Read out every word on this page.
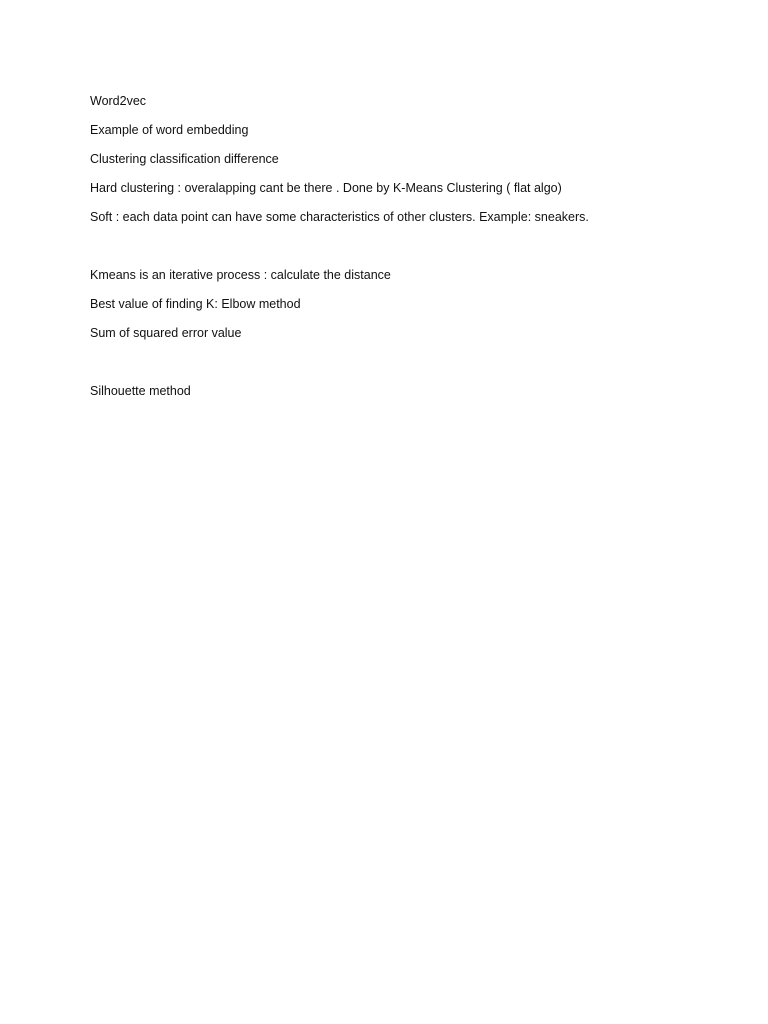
Word2vec

Example of word embedding

Clustering classification difference

Hard clustering : overalapping cant be there . Done by K-Means Clustering ( flat algo)

Soft : each data point can have some characteristics of other clusters. Example: sneakers.

Kmeans is an iterative process : calculate the distance

Best value of finding K: Elbow method

Sum of squared error value

Silhouette method
